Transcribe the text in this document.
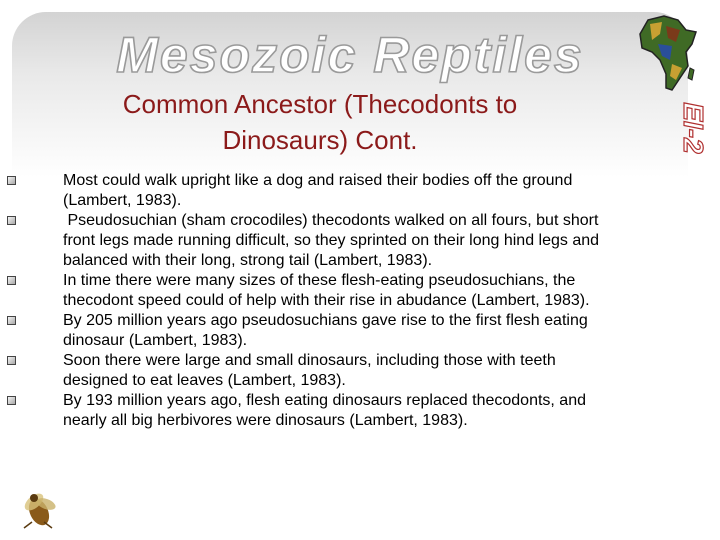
Mesozoic Reptiles
EI-2
Common Ancestor (Thecodonts to Dinosaurs) Cont.
Most could walk upright like a dog and raised their bodies off the ground
(Lambert, 1983).
Pseudosuchian (sham crocodiles) thecodonts walked on all fours, but short
front legs made running difficult, so they sprinted on their long hind legs and
balanced with their long, strong tail (Lambert, 1983).
In time there were many sizes of these flesh-eating pseudosuchians, the
thecodont speed could of help with their rise in abudance (Lambert, 1983).
By 205 million years ago pseudosuchians gave rise to the first flesh eating
dinosaur (Lambert, 1983).
Soon there were large and small dinosaurs, including those with teeth
designed to eat leaves (Lambert, 1983).
By 193 million years ago, flesh eating dinosaurs replaced thecodonts, and
nearly all big herbivores were dinosaurs (Lambert, 1983).
